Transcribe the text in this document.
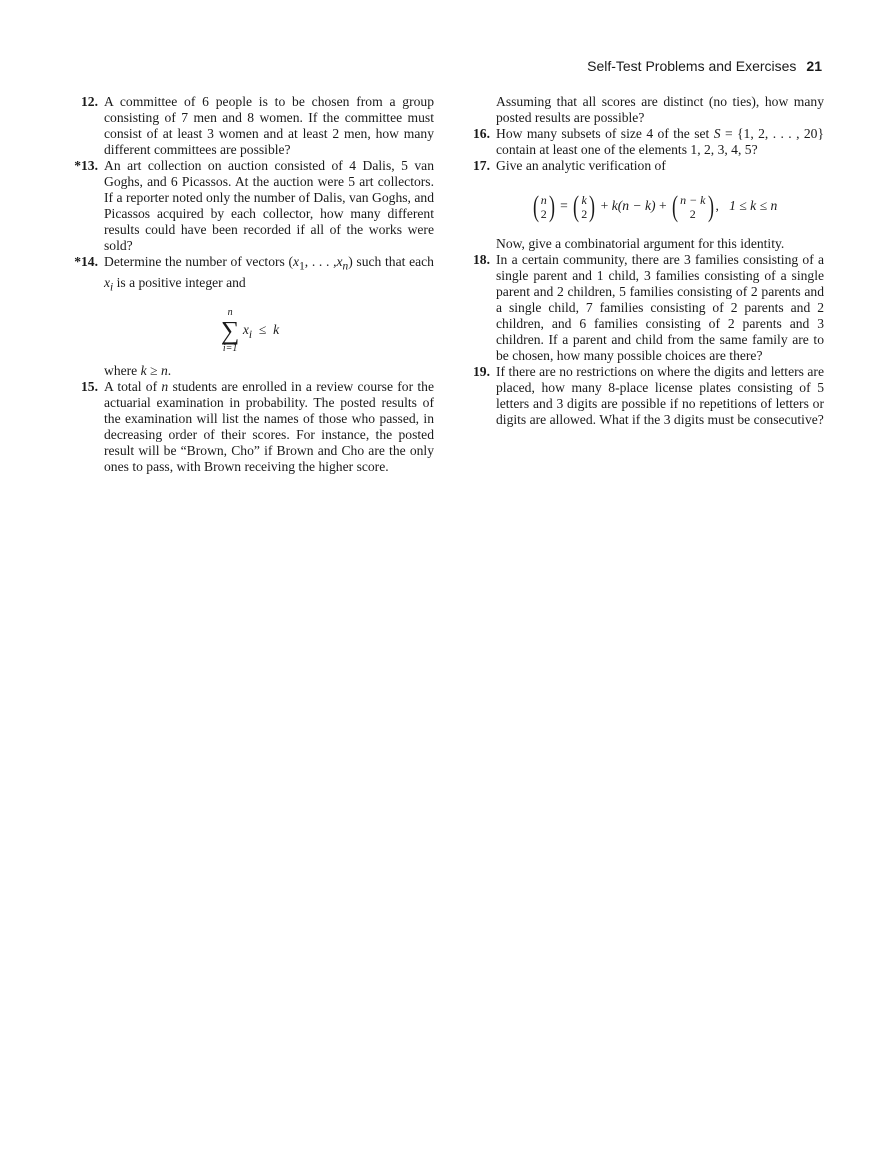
Self-Test Problems and Exercises 21
12. A committee of 6 people is to be chosen from a group consisting of 7 men and 8 women. If the committee must consist of at least 3 women and at least 2 men, how many different committees are possible?

*13. An art collection on auction consisted of 4 Dalis, 5 van Goghs, and 6 Picassos. At the auction were 5 art collectors. If a reporter noted only the number of Dalis, van Goghs, and Picassos acquired by each collector, how many different results could have been recorded if all of the works were sold?

*14. Determine the number of vectors ($x_1$, . . . $,x_n$) such that each $x_i$ is a positive integer and

n
∑
i=1
$x_i \le k$

where k ≥ n.

15. A total of n students are enrolled in a review course for the actuarial examination in probability. The posted results of the examination will list the names of those who passed, in decreasing order of their scores. For instance, the posted result will be “Brown, Cho” if Brown and Cho are the only ones to pass, with Brown receiving the higher score.

Assuming that all scores are distinct (no ties), how many posted results are possible?

16. How many subsets of size 4 of the set S = {1, 2, . . . , 20} contain at least one of the elements 1, 2, 3, 4, 5?

17. Give an analytic verification of

( n
2 ) = ( k
2 ) + k(n − k) + ( n − k
2 ) , 1 ≤ k ≤ n

Now, give a combinatorial argument for this identity.

18. In a certain community, there are 3 families consisting of a single parent and 1 child, 3 families consisting of a single parent and 2 children, 5 families consisting of 2 parents and a single child, 7 families consisting of 2 parents and 2 children, and 6 families consisting of 2 parents and 3 children. If a parent and child from the same family are to be chosen, how many possible choices are there?

19. If there are no restrictions on where the digits and letters are placed, how many 8-place license plates consisting of 5 letters and 3 digits are possible if no repetitions of letters or digits are allowed. What if the 3 digits must be consecutive?
